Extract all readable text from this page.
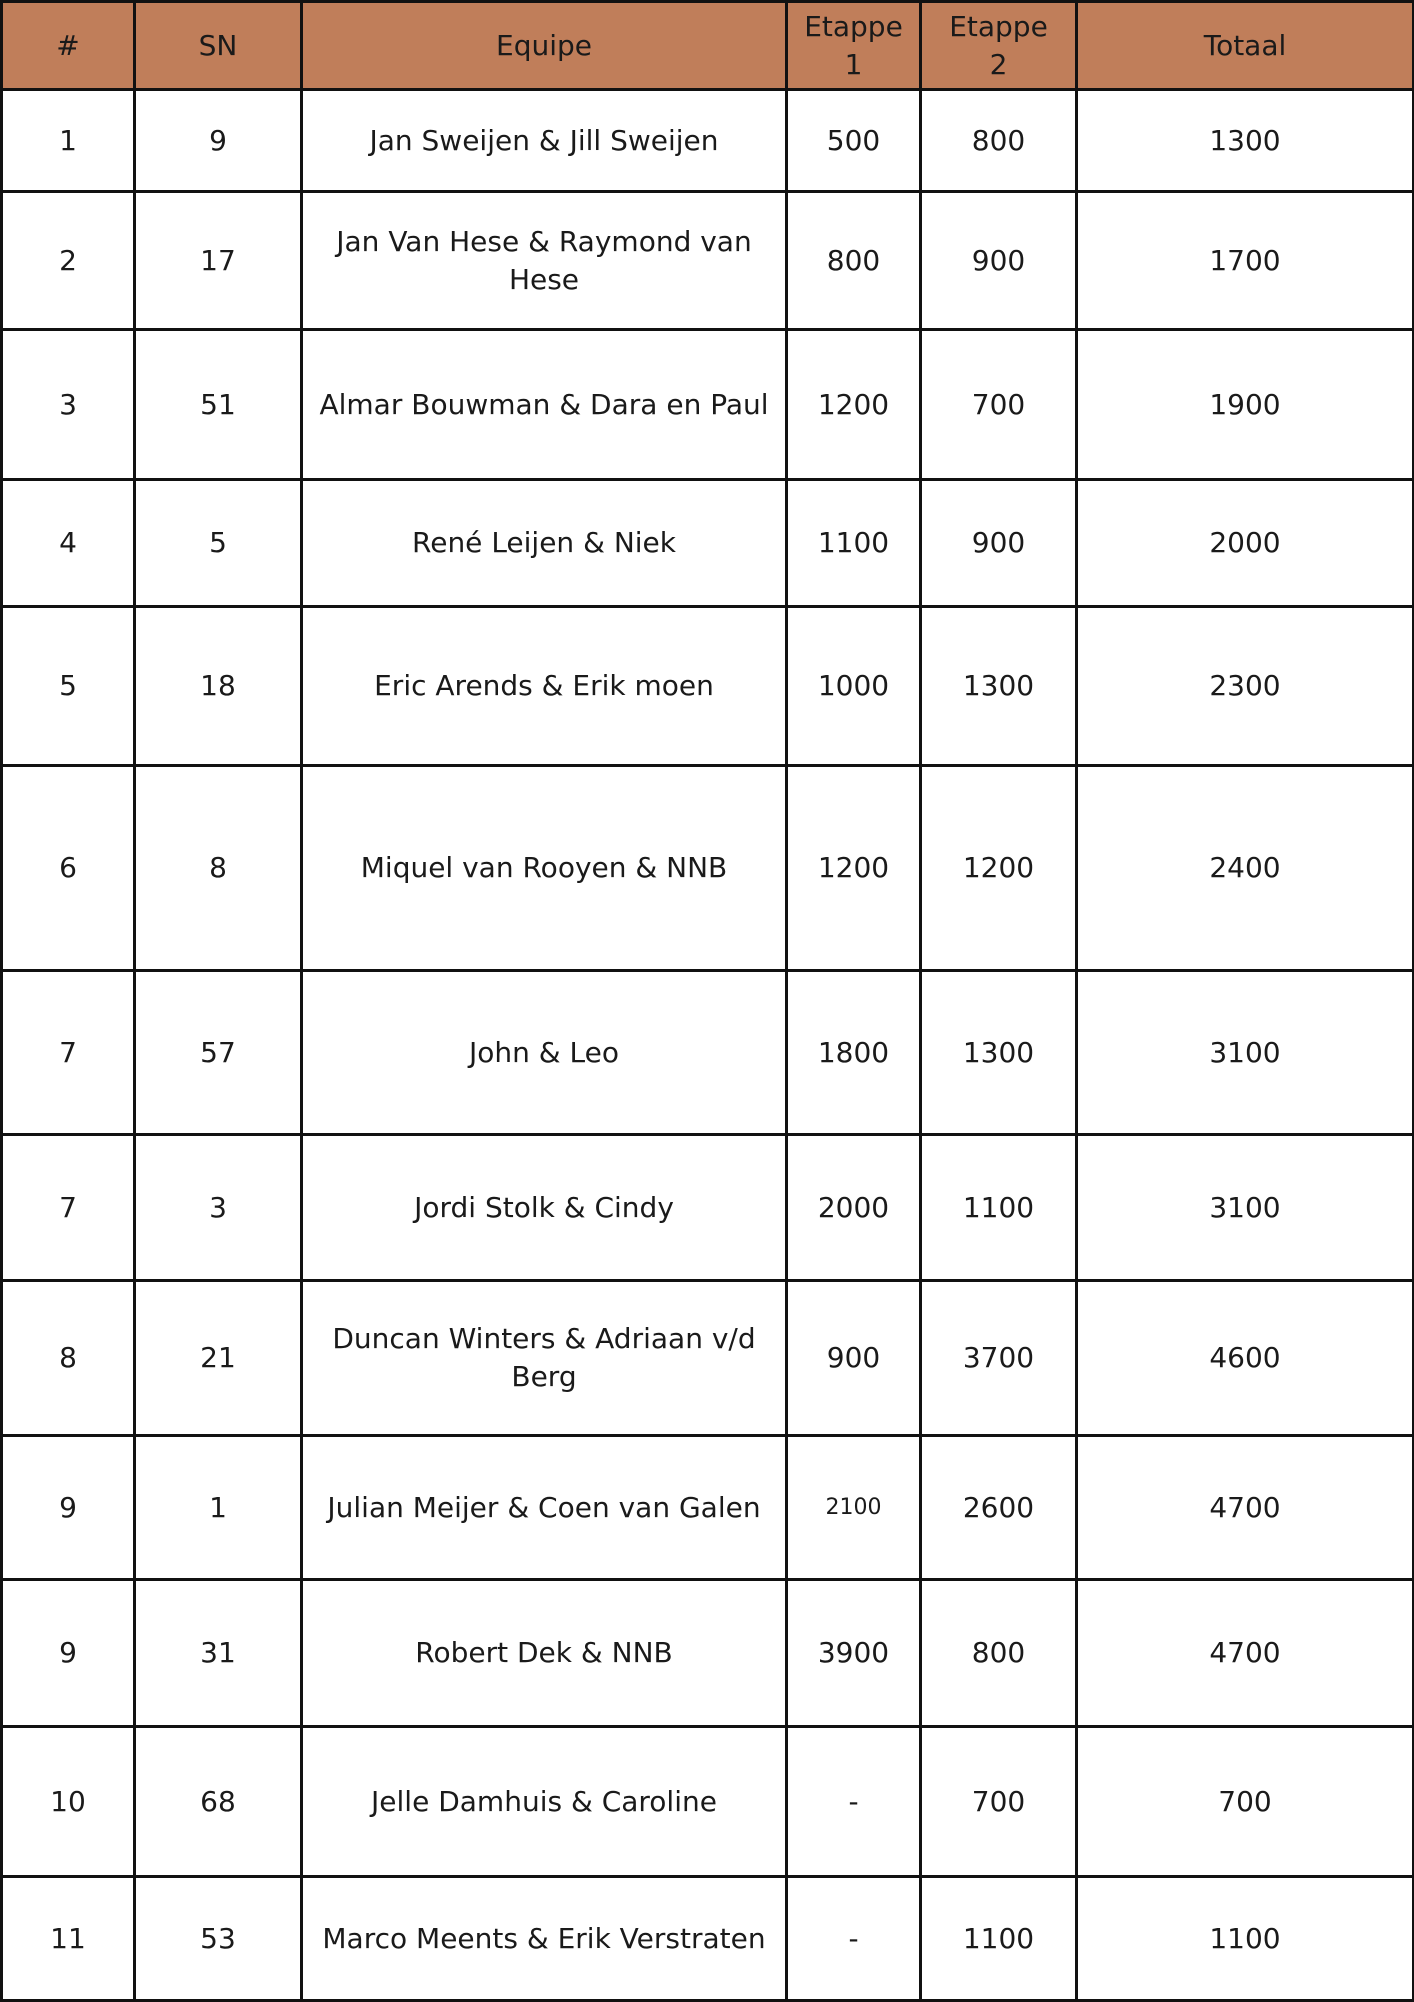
#	SN	Equipe	Etappe 1	Etappe 2	Totaal
1	9	Jan Sweijen & Jill Sweijen	500	800	1300
2	17	Jan Van Hese & Raymond van Hese	800	900	1700
3	51	Almar Bouwman & Dara en Paul	1200	700	1900
4	5	René Leijen & Niek	1100	900	2000
5	18	Eric Arends & Erik moen	1000	1300	2300
6	8	Miquel van Rooyen & NNB	1200	1200	2400
7	57	John & Leo	1800	1300	3100
7	3	Jordi Stolk & Cindy	2000	1100	3100
8	21	Duncan Winters & Adriaan v/d Berg	900	3700	4600
9	1	Julian Meijer & Coen van Galen	2100	2600	4700
9	31	Robert Dek & NNB	3900	800	4700
10	68	Jelle Damhuis & Caroline	-	700	700
11	53	Marco Meents & Erik Verstraten	-	1100	1100
